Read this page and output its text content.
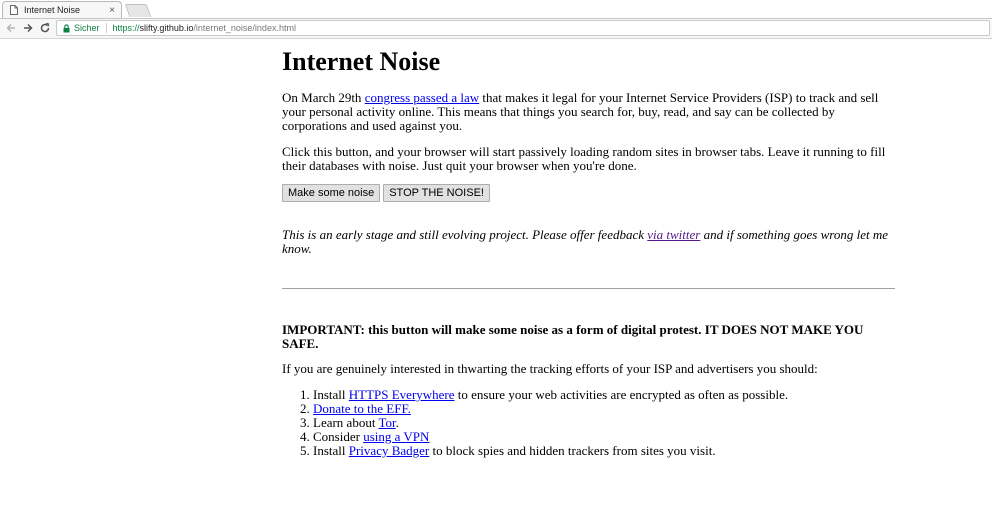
Internet Noise	×
Sicher https:// slifty.github.io /internet_noise/index.html
Internet Noise

On March 29th congress passed a law that makes it legal for your Internet Service Providers (ISP) to track and sell your personal activity online. This means that things you search for, buy, read, and say can be collected by corporations and used against you.

Click this button, and your browser will start passively loading random sites in browser tabs. Leave it running to fill their databases with noise. Just quit your browser when you're done.

Make some noise	STOP THE NOISE!

This is an early stage and still evolving project. Please offer feedback via twitter and if something goes wrong let me know.

IMPORTANT: this button will make some noise as a form of digital protest. IT DOES NOT MAKE YOU SAFE.

If you are genuinely interested in thwarting the tracking efforts of your ISP and advertisers you should:

1. Install HTTPS Everywhere to ensure your web activities are encrypted as often as possible.
2. Donate to the EFF.
3. Learn about Tor.
4. Consider using a VPN
5. Install Privacy Badger to block spies and hidden trackers from sites you visit.
